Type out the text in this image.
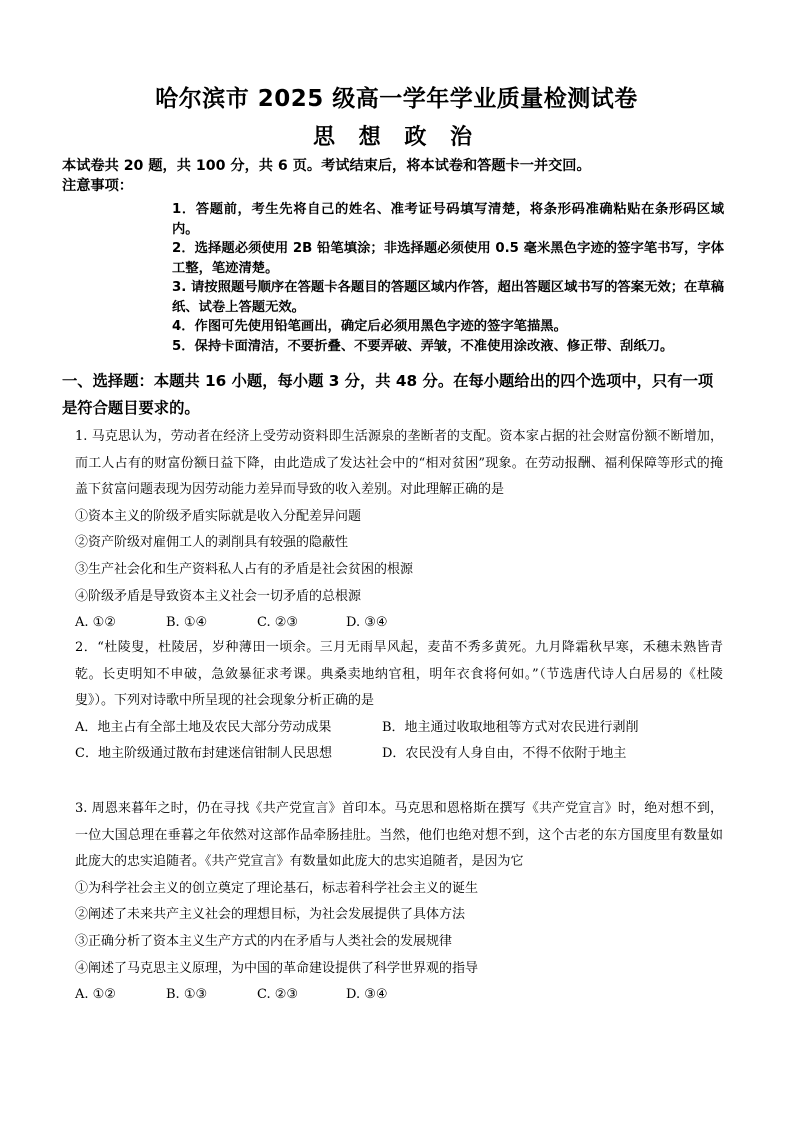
哈尔滨市 2025 级高一学年学业质量检测试卷
思 想 政 治
本试卷共 20 题，共 100 分，共 6 页。考试结束后，将本试卷和答题卡一并交回。
注意事项：
1．答题前，考生先将自己的姓名、准考证号码填写清楚，将条形码准确粘贴在条形码区域内。
2．选择题必须使用 2B 铅笔填涂；非选择题必须使用 0.5 毫米黑色字迹的签字笔书写，字体工整，笔迹清楚。
3. 请按照题号顺序在答题卡各题目的答题区域内作答，超出答题区域书写的答案无效；在草稿纸、试卷上答题无效。
4．作图可先使用铅笔画出，确定后必须用黑色字迹的签字笔描黑。
5．保持卡面清洁，不要折叠、不要弄破、弄皱，不准使用涂改液、修正带、刮纸刀。
一、选择题：本题共 16 小题，每小题 3 分，共 48 分。在每小题给出的四个选项中，只有一项是符合题目要求的。

1. 马克思认为，劳动者在经济上受劳动资料即生活源泉的垄断者的支配。资本家占据的社会财富份额不断增加，而工人占有的财富份额日益下降，由此造成了发达社会中的“相对贫困”现象。在劳动报酬、福利保障等形式的掩盖下贫富问题表现为因劳动能力差异而导致的收入差别。对此理解正确的是

①资本主义的阶级矛盾实际就是收入分配差异问题

②资产阶级对雇佣工人的剥削具有较强的隐蔽性

③生产社会化和生产资料私人占有的矛盾是社会贫困的根源

④阶级矛盾是导致资本主义社会一切矛盾的总根源

A. ①②	B. ①④	C. ②③	D. ③④

2．“杜陵叟，杜陵居，岁种薄田一顷余。三月无雨旱风起，麦苗不秀多黄死。九月降霜秋早寒，禾穗未熟皆青乾。长吏明知不申破，急敛暴征求考课。典桑卖地纳官租，明年衣食将何如。”（节选唐代诗人白居易的《杜陵叟》）。下列对诗歌中所呈现的社会现象分析正确的是

A．地主占有全部土地及农民大部分劳动成果	B．地主通过收取地租等方式对农民进行剥削
C．地主阶级通过散布封建迷信钳制人民思想	D．农民没有人身自由，不得不依附于地主

3. 周恩来暮年之时，仍在寻找《共产党宣言》首印本。马克思和恩格斯在撰写《共产党宣言》时，绝对想不到，一位大国总理在垂暮之年依然对这部作品牵肠挂肚。当然，他们也绝对想不到，这个古老的东方国度里有数量如此庞大的忠实追随者。《共产党宣言》有数量如此庞大的忠实追随者，是因为它

①为科学社会主义的创立奠定了理论基石，标志着科学社会主义的诞生

②阐述了未来共产主义社会的理想目标，为社会发展提供了具体方法

③正确分析了资本主义生产方式的内在矛盾与人类社会的发展规律

④阐述了马克思主义原理，为中国的革命建设提供了科学世界观的指导

A. ①②	B. ①③	C. ②③	D. ③④
